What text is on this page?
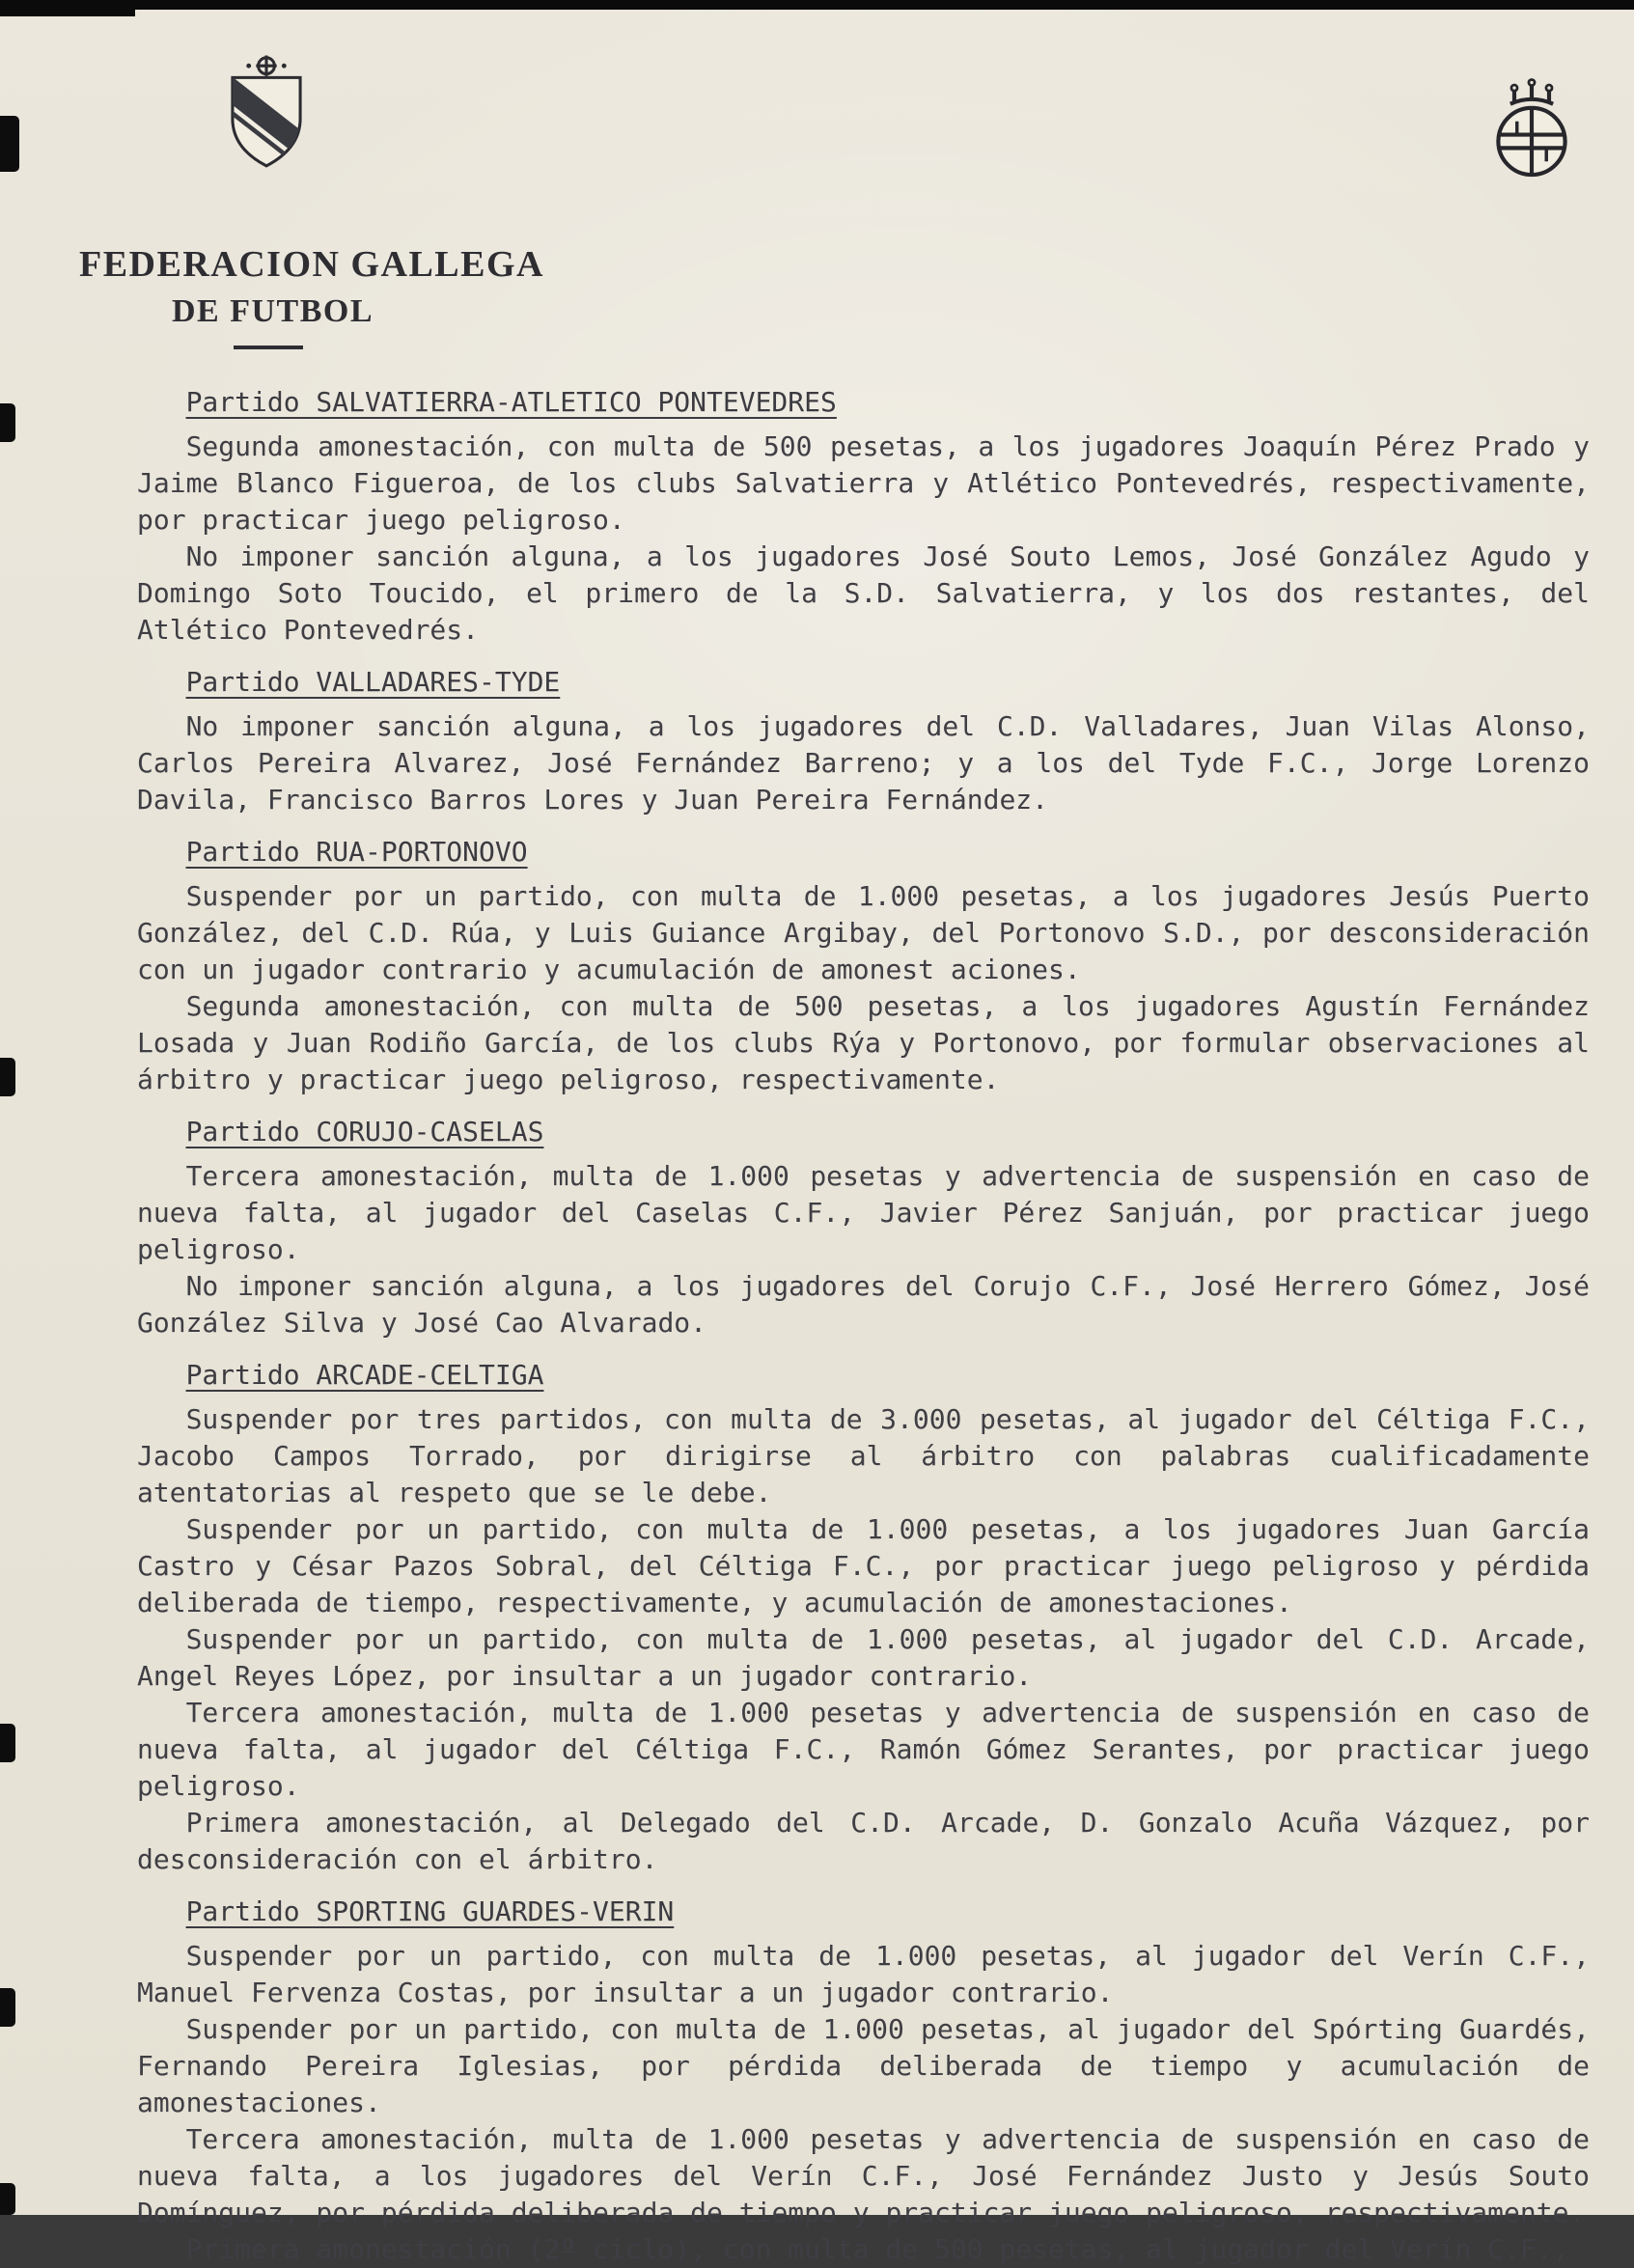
FEDERACION GALLEGA
DE FUTBOL
Partido SALVATIERRA-ATLETICO PONTEVEDRES

Segunda amonestación, con multa de 500 pesetas, a los jugadores Joaquín Pérez Prado y Jaime Blanco Figueroa, de los clubs Salvatierra y Atlético Pontevedrés, respectivamente, por practicar juego peligroso.

No imponer sanción alguna, a los jugadores José Souto Lemos, José González Agudo y Domingo Soto Toucido, el primero de la S.D. Salvatierra, y los dos restantes, del Atlético Pontevedrés.

Partido VALLADARES-TYDE

No imponer sanción alguna, a los jugadores del C.D. Valladares, Juan Vilas Alonso, Carlos Pereira Alvarez, José Fernández Barreno; y a los del Tyde F.C., Jorge Lorenzo Davila, Francisco Barros Lores y Juan Pereira Fernández.

Partido RUA-PORTONOVO

Suspender por un partido, con multa de 1.000 pesetas, a los jugadores Jesús Puerto González, del C.D. Rúa, y Luis Guiance Argibay, del Portonovo S.D., por desconsideración con un jugador contrario y acumulación de amonest aciones.

Segunda amonestación, con multa de 500 pesetas, a los jugadores Agustín Fernández Losada y Juan Rodiño García, de los clubs Rýa y Portonovo, por formular observaciones al árbitro y practicar juego peligroso, respectivamente.

Partido CORUJO-CASELAS

Tercera amonestación, multa de 1.000 pesetas y advertencia de suspensión en caso de nueva falta, al jugador del Caselas C.F., Javier Pérez Sanjuán, por practicar juego peligroso.

No imponer sanción alguna, a los jugadores del Corujo C.F., José Herrero Gómez, José González Silva y José Cao Alvarado.

Partido ARCADE-CELTIGA

Suspender por tres partidos, con multa de 3.000 pesetas, al jugador del Céltiga F.C., Jacobo Campos Torrado, por dirigirse al árbitro con palabras cualificadamente atentatorias al respeto que se le debe.

Suspender por un partido, con multa de 1.000 pesetas, a los jugadores Juan García Castro y César Pazos Sobral, del Céltiga F.C., por practicar juego peligroso y pérdida deliberada de tiempo, respectivamente, y acumulación de amonestaciones.

Suspender por un partido, con multa de 1.000 pesetas, al jugador del C.D. Arcade, Angel Reyes López, por insultar a un jugador contrario.

Tercera amonestación, multa de 1.000 pesetas y advertencia de suspensión en caso de nueva falta, al jugador del Céltiga F.C., Ramón Gómez Serantes, por practicar juego peligroso.

Primera amonestación, al Delegado del C.D. Arcade, D. Gonzalo Acuña Vázquez, por desconsideración con el árbitro.

Partido SPORTING GUARDES-VERIN

Suspender por un partido, con multa de 1.000 pesetas, al jugador del Verín C.F., Manuel Fervenza Costas, por insultar a un jugador contrario.

Suspender por un partido, con multa de 1.000 pesetas, al jugador del Spórting Guardés, Fernando Pereira Iglesias, por pérdida deliberada de tiempo y acumulación de amonestaciones.

Tercera amonestación, multa de 1.000 pesetas y advertencia de suspensión en caso de nueva falta, a los jugadores del Verín C.F., José Fernández Justo y Jesús Souto Domínguez, por pérdida deliberada de tiempo y practicar juego peligroso, respectivamente.

Primera amonestación (2º ciclo), con multa de 500 pesetas, al jugador del Verín C.F.,
